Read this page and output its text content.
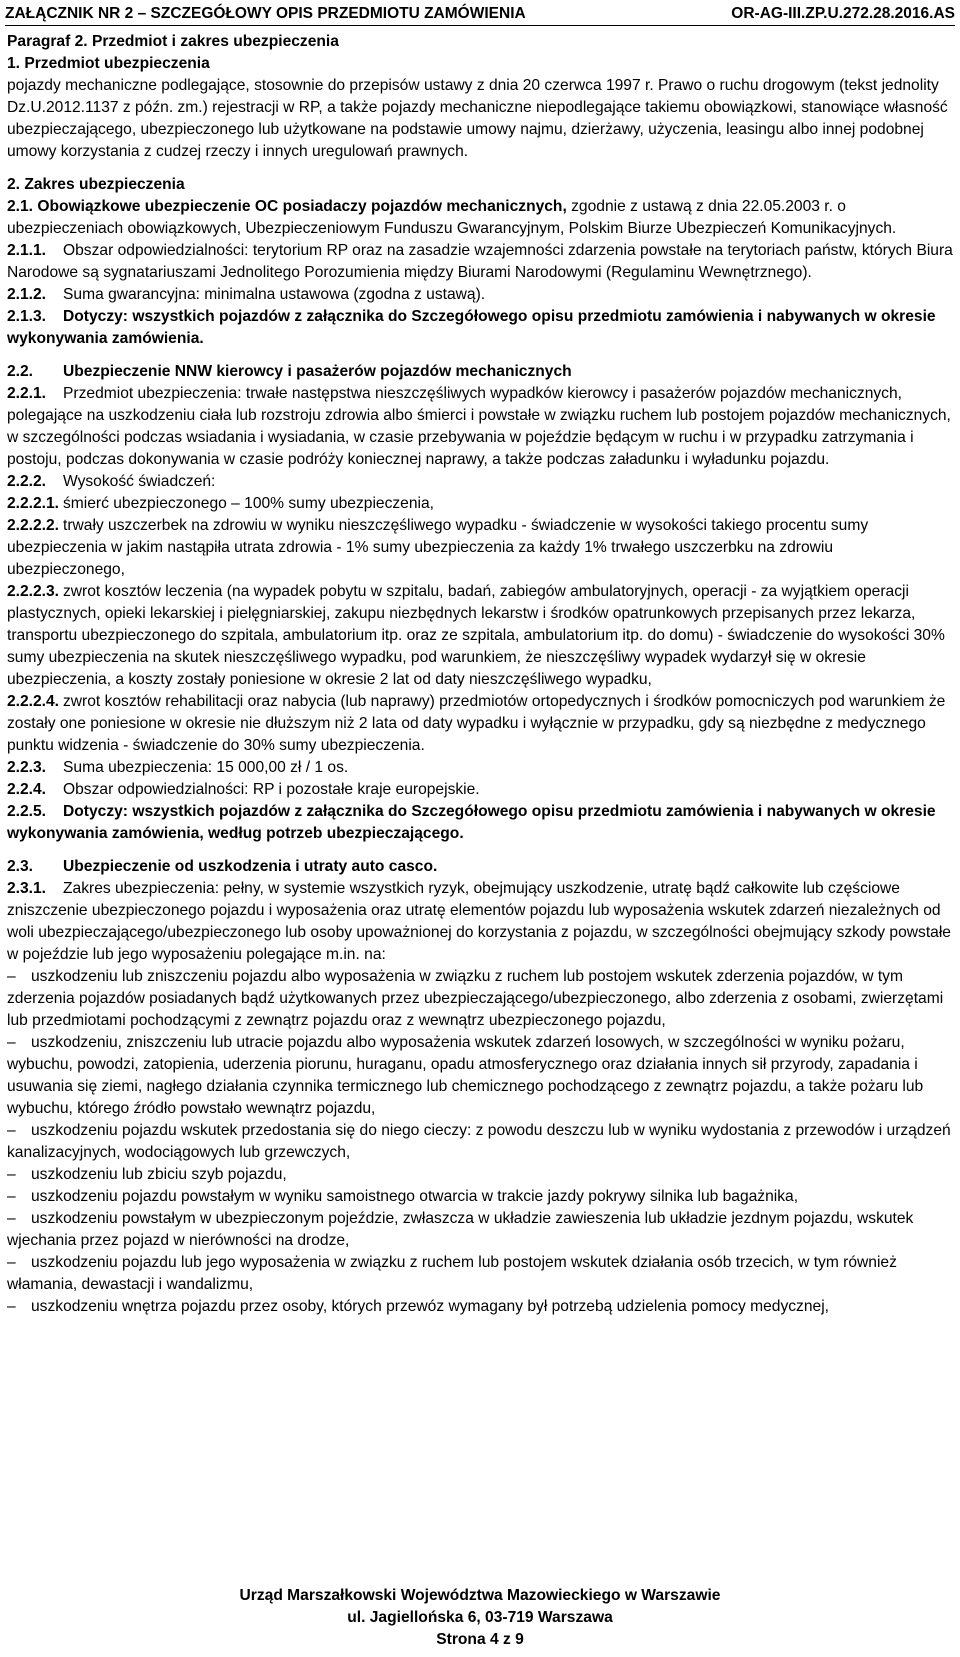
ZAŁĄCZNIK NR 2 – SZCZEGÓŁOWY OPIS PRZEDMIOTU ZAMÓWIENIA	OR-AG-III.ZP.U.272.28.2016.AS

Paragraf 2. Przedmiot i zakres ubezpieczenia

1. Przedmiot ubezpieczenia

pojazdy mechaniczne podlegające, stosownie do przepisów ustawy z dnia 20 czerwca 1997 r. Prawo o ruchu drogowym (tekst jednolity Dz.U.2012.1137 z późn. zm.) rejestracji w RP, a także pojazdy mechaniczne niepodlegające takiemu obowiązkowi, stanowiące własność ubezpieczającego, ubezpieczonego lub użytkowane na podstawie umowy najmu, dzierżawy, użyczenia, leasingu albo innej podobnej umowy korzystania z cudzej rzeczy i innych uregulowań prawnych.

2. Zakres ubezpieczenia

2.1. Obowiązkowe ubezpieczenie OC posiadaczy pojazdów mechanicznych, zgodnie z ustawą z dnia 22.05.2003 r. o ubezpieczeniach obowiązkowych, Ubezpieczeniowym Funduszu Gwarancyjnym, Polskim Biurze Ubezpieczeń Komunikacyjnych.

2.1.1. Obszar odpowiedzialności: terytorium RP oraz na zasadzie wzajemności zdarzenia powstałe na terytoriach państw, których Biura Narodowe są sygnatariuszami Jednolitego Porozumienia między Biurami Narodowymi (Regulaminu Wewnętrznego).

2.1.2. Suma gwarancyjna: minimalna ustawowa (zgodna z ustawą).

2.1.3. Dotyczy: wszystkich pojazdów z załącznika do Szczegółowego opisu przedmiotu zamówienia i nabywanych w okresie wykonywania zamówienia.

2.2. Ubezpieczenie NNW kierowcy i pasażerów pojazdów mechanicznych

2.2.1. Przedmiot ubezpieczenia: trwałe następstwa nieszczęśliwych wypadków kierowcy i pasażerów pojazdów mechanicznych, polegające na uszkodzeniu ciała lub rozstroju zdrowia albo śmierci i powstałe w związku ruchem lub postojem pojazdów mechanicznych, w szczególności podczas wsiadania i wysiadania, w czasie przebywania w pojeździe będącym w ruchu i w przypadku zatrzymania i postoju, podczas dokonywania w czasie podróży koniecznej naprawy, a także podczas załadunku i wyładunku pojazdu.

2.2.2. Wysokość świadczeń:

2.2.2.1. śmierć ubezpieczonego – 100% sumy ubezpieczenia,

2.2.2.2. trwały uszczerbek na zdrowiu w wyniku nieszczęśliwego wypadku - świadczenie w wysokości takiego procentu sumy ubezpieczenia w jakim nastąpiła utrata zdrowia - 1% sumy ubezpieczenia za każdy 1% trwałego uszczerbku na zdrowiu ubezpieczonego,

2.2.2.3. zwrot kosztów leczenia (na wypadek pobytu w szpitalu, badań, zabiegów ambulatoryjnych, operacji - za wyjątkiem operacji plastycznych, opieki lekarskiej i pielęgniarskiej, zakupu niezbędnych lekarstw i środków opatrunkowych przepisanych przez lekarza, transportu ubezpieczonego do szpitala, ambulatorium itp. oraz ze szpitala, ambulatorium itp. do domu) - świadczenie do wysokości 30% sumy ubezpieczenia na skutek nieszczęśliwego wypadku, pod warunkiem, że nieszczęśliwy wypadek wydarzył się w okresie ubezpieczenia, a koszty zostały poniesione w okresie 2 lat od daty nieszczęśliwego wypadku,

2.2.2.4. zwrot kosztów rehabilitacji oraz nabycia (lub naprawy) przedmiotów ortopedycznych i środków pomocniczych pod warunkiem że zostały one poniesione w okresie nie dłuższym niż 2 lata od daty wypadku i wyłącznie w przypadku, gdy są niezbędne z medycznego punktu widzenia - świadczenie do 30% sumy ubezpieczenia.

2.2.3. Suma ubezpieczenia: 15 000,00 zł / 1 os.

2.2.4. Obszar odpowiedzialności: RP i pozostałe kraje europejskie.

2.2.5. Dotyczy: wszystkich pojazdów z załącznika do Szczegółowego opisu przedmiotu zamówienia i nabywanych w okresie wykonywania zamówienia, według potrzeb ubezpieczającego.

2.3. Ubezpieczenie od uszkodzenia i utraty auto casco.

2.3.1. Zakres ubezpieczenia: pełny, w systemie wszystkich ryzyk, obejmujący uszkodzenie, utratę bądź całkowite lub częściowe zniszczenie ubezpieczonego pojazdu i wyposażenia oraz utratę elementów pojazdu lub wyposażenia wskutek zdarzeń niezależnych od woli ubezpieczającego/ubezpieczonego lub osoby upoważnionej do korzystania z pojazdu, w szczególności obejmujący szkody powstałe w pojeździe lub jego wyposażeniu polegające m.in. na:

– uszkodzeniu lub zniszczeniu pojazdu albo wyposażenia w związku z ruchem lub postojem wskutek zderzenia pojazdów, w tym zderzenia pojazdów posiadanych bądź użytkowanych przez ubezpieczającego/ubezpieczonego, albo zderzenia z osobami, zwierzętami lub przedmiotami pochodzącymi z zewnątrz pojazdu oraz z wewnątrz ubezpieczonego pojazdu,

– uszkodzeniu, zniszczeniu lub utracie pojazdu albo wyposażenia wskutek zdarzeń losowych, w szczególności w wyniku pożaru, wybuchu, powodzi, zatopienia, uderzenia piorunu, huraganu, opadu atmosferycznego oraz działania innych sił przyrody, zapadania i usuwania się ziemi, nagłego działania czynnika termicznego lub chemicznego pochodzącego z zewnątrz pojazdu, a także pożaru lub wybuchu, którego źródło powstało wewnątrz pojazdu,

– uszkodzeniu pojazdu wskutek przedostania się do niego cieczy: z powodu deszczu lub w wyniku wydostania z przewodów i urządzeń kanalizacyjnych, wodociągowych lub grzewczych,

– uszkodzeniu lub zbiciu szyb pojazdu,

– uszkodzeniu pojazdu powstałym w wyniku samoistnego otwarcia w trakcie jazdy pokrywy silnika lub bagażnika,

– uszkodzeniu powstałym w ubezpieczonym pojeździe, zwłaszcza w układzie zawieszenia lub układzie jezdnym pojazdu, wskutek wjechania przez pojazd w nierówności na drodze,

– uszkodzeniu pojazdu lub jego wyposażenia w związku z ruchem lub postojem wskutek działania osób trzecich, w tym również włamania, dewastacji i wandalizmu,

– uszkodzeniu wnętrza pojazdu przez osoby, których przewóz wymagany był potrzebą udzielenia pomocy medycznej,

Urząd Marszałkowski Województwa Mazowieckiego w Warszawie
ul. Jagiellońska 6, 03-719 Warszawa
Strona 4 z 9
